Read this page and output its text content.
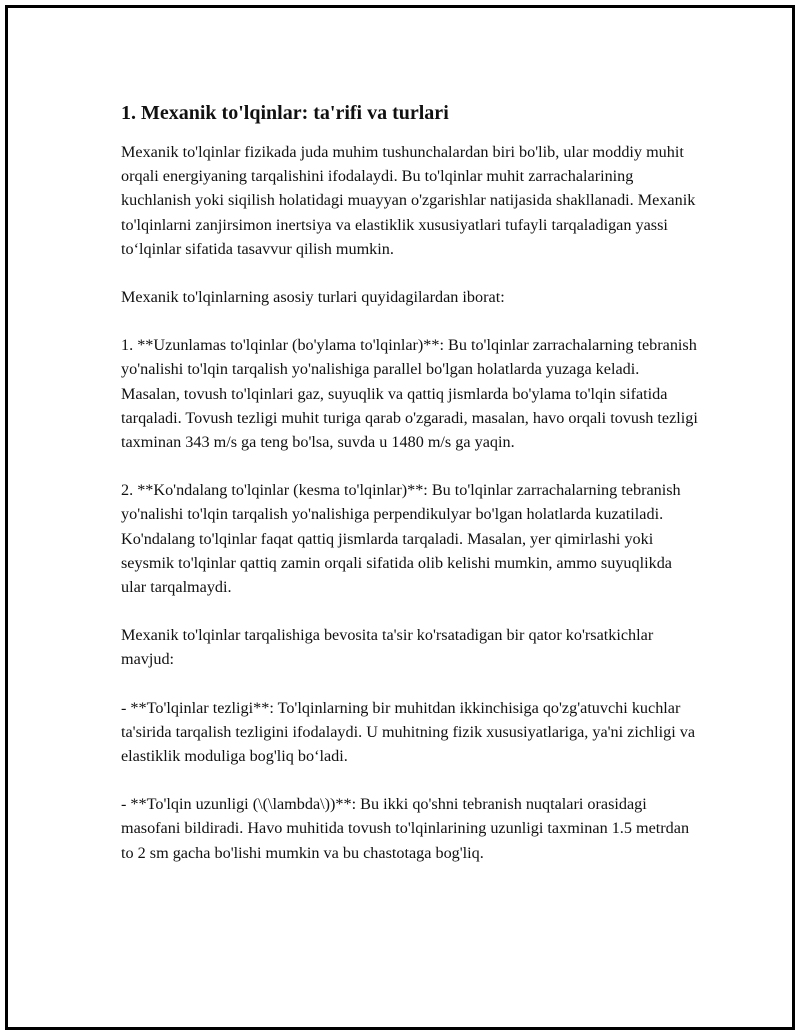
1. Mexanik to'lqinlar: ta'rifi va turlari

Mexanik to'lqinlar fizikada juda muhim tushunchalardan biri bo'lib, ular moddiy muhit orqali energiyaning tarqalishini ifodalaydi. Bu to'lqinlar muhit zarrachalarining kuchlanish yoki siqilish holatidagi muayyan o'zgarishlar natijasida shakllanadi. Mexanik to'lqinlarni zanjirsimon inertsiya va elastiklik xususiyatlari tufayli tarqaladigan yassi to‘lqinlar sifatida tasavvur qilish mumkin.

Mexanik to'lqinlarning asosiy turlari quyidagilardan iborat:

1. **Uzunlamas to'lqinlar (bo'ylama to'lqinlar)**: Bu to'lqinlar zarrachalarning tebranish yo'nalishi to'lqin tarqalish yo'nalishiga parallel bo'lgan holatlarda yuzaga keladi. Masalan, tovush to'lqinlari gaz, suyuqlik va qattiq jismlarda bo'ylama to'lqin sifatida tarqaladi. Tovush tezligi muhit turiga qarab o'zgaradi, masalan, havo orqali tovush tezligi taxminan 343 m/s ga teng bo'lsa, suvda u 1480 m/s ga yaqin.

2. **Ko'ndalang to'lqinlar (kesma to'lqinlar)**: Bu to'lqinlar zarrachalarning tebranish yo'nalishi to'lqin tarqalish yo'nalishiga perpendikulyar bo'lgan holatlarda kuzatiladi. Ko'ndalang to'lqinlar faqat qattiq jismlarda tarqaladi. Masalan, yer qimirlashi yoki seysmik to'lqinlar qattiq zamin orqali sifatida olib kelishi mumkin, ammo suyuqlikda ular tarqalmaydi.

Mexanik to'lqinlar tarqalishiga bevosita ta'sir ko'rsatadigan bir qator ko'rsatkichlar mavjud:

- **To'lqinlar tezligi**: To'lqinlarning bir muhitdan ikkinchisiga qo'zg'atuvchi kuchlar ta'sirida tarqalish tezligini ifodalaydi. U muhitning fizik xususiyatlariga, ya'ni zichligi va elastiklik moduliga bog'liq bo‘ladi.

- **To'lqin uzunligi (\(\lambda\))**: Bu ikki qo'shni tebranish nuqtalari orasidagi masofani bildiradi. Havo muhitida tovush to'lqinlarining uzunligi taxminan 1.5 metrdan to 2 sm gacha bo'lishi mumkin va bu chastotaga bog'liq.
